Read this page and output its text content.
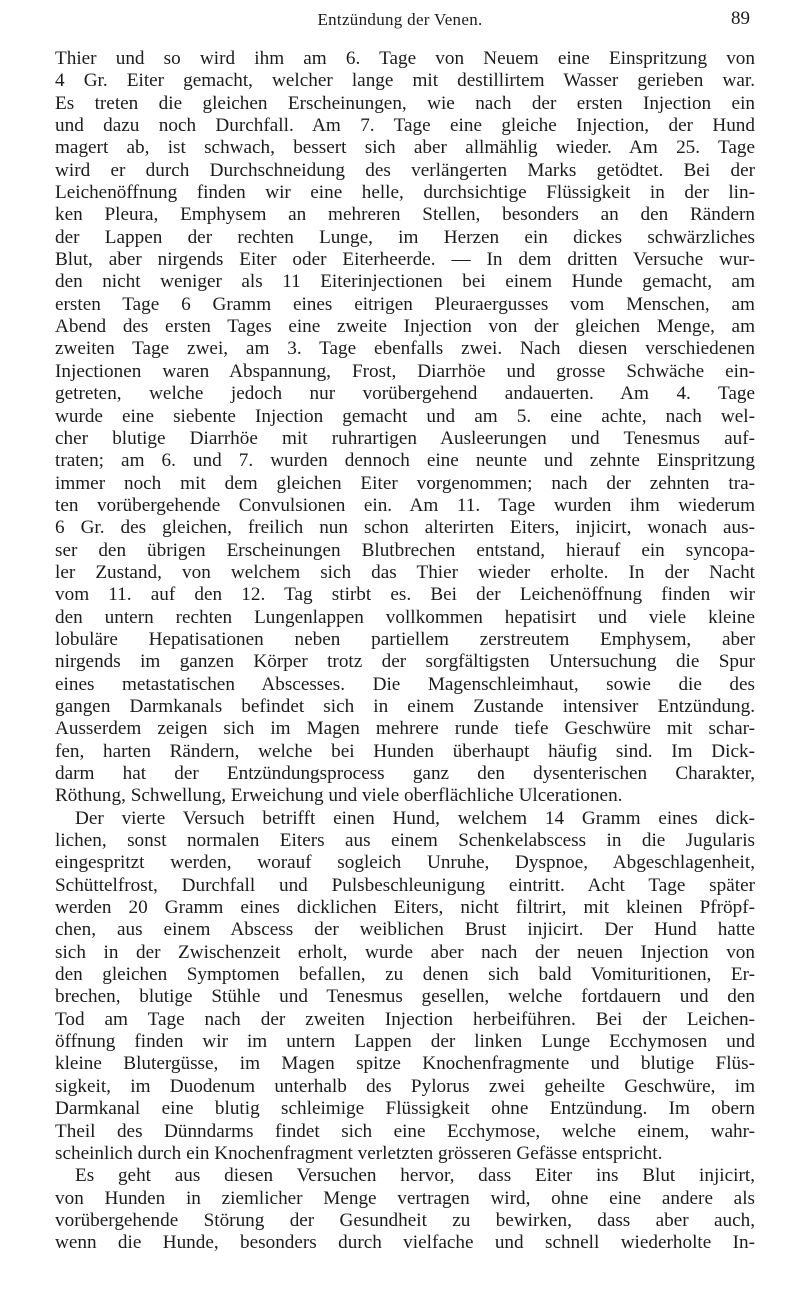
Entzündung der Venen.	89
Thier und so wird ihm am 6. Tage von Neuem eine Einspritzung von
4 Gr. Eiter gemacht, welcher lange mit destillirtem Wasser gerieben war.
Es treten die gleichen Erscheinungen, wie nach der ersten Injection ein
und dazu noch Durchfall. Am 7. Tage eine gleiche Injection, der Hund
magert ab, ist schwach, bessert sich aber allmählig wieder. Am 25. Tage
wird er durch Durchschneidung des verlängerten Marks getödtet. Bei der
Leichenöffnung finden wir eine helle, durchsichtige Flüssigkeit in der lin-
ken Pleura, Emphysem an mehreren Stellen, besonders an den Rändern
der Lappen der rechten Lunge, im Herzen ein dickes schwärzliches
Blut, aber nirgends Eiter oder Eiterheerde. — In dem dritten Versuche wur-
den nicht weniger als 11 Eiterinjectionen bei einem Hunde gemacht, am
ersten Tage 6 Gramm eines eitrigen Pleuraergusses vom Menschen, am
Abend des ersten Tages eine zweite Injection von der gleichen Menge, am
zweiten Tage zwei, am 3. Tage ebenfalls zwei. Nach diesen verschiedenen
Injectionen waren Abspannung, Frost, Diarrhöe und grosse Schwäche ein-
getreten, welche jedoch nur vorübergehend andauerten. Am 4. Tage
wurde eine siebente Injection gemacht und am 5. eine achte, nach wel-
cher blutige Diarrhöe mit ruhrartigen Ausleerungen und Tenesmus auf-
traten; am 6. und 7. wurden dennoch eine neunte und zehnte Einspritzung
immer noch mit dem gleichen Eiter vorgenommen; nach der zehnten tra-
ten vorübergehende Convulsionen ein. Am 11. Tage wurden ihm wiederum
6 Gr. des gleichen, freilich nun schon alterirten Eiters, injicirt, wonach aus-
ser den übrigen Erscheinungen Blutbrechen entstand, hierauf ein syncopa-
ler Zustand, von welchem sich das Thier wieder erholte. In der Nacht
vom 11. auf den 12. Tag stirbt es. Bei der Leichenöffnung finden wir
den untern rechten Lungenlappen vollkommen hepatisirt und viele kleine
lobuläre Hepatisationen neben partiellem zerstreutem Emphysem, aber
nirgends im ganzen Körper trotz der sorgfältigsten Untersuchung die Spur
eines metastatischen Abscesses. Die Magenschleimhaut, sowie die des
gangen Darmkanals befindet sich in einem Zustande intensiver Entzündung.
Ausserdem zeigen sich im Magen mehrere runde tiefe Geschwüre mit schar-
fen, harten Rändern, welche bei Hunden überhaupt häufig sind. Im Dick-
darm hat der Entzündungsprocess ganz den dysenterischen Charakter,
Röthung, Schwellung, Erweichung und viele oberflächliche Ulcerationen.
Der vierte Versuch betrifft einen Hund, welchem 14 Gramm eines dick-
lichen, sonst normalen Eiters aus einem Schenkelabscess in die Jugularis
eingespritzt werden, worauf sogleich Unruhe, Dyspnoe, Abgeschlagenheit,
Schüttelfrost, Durchfall und Pulsbeschleunigung eintritt. Acht Tage später
werden 20 Gramm eines dicklichen Eiters, nicht filtrirt, mit kleinen Pfröpf-
chen, aus einem Abscess der weiblichen Brust injicirt. Der Hund hatte
sich in der Zwischenzeit erholt, wurde aber nach der neuen Injection von
den gleichen Symptomen befallen, zu denen sich bald Vomituritionen, Er-
brechen, blutige Stühle und Tenesmus gesellen, welche fortdauern und den
Tod am Tage nach der zweiten Injection herbeiführen. Bei der Leichen-
öffnung finden wir im untern Lappen der linken Lunge Ecchymosen und
kleine Blutergüsse, im Magen spitze Knochenfragmente und blutige Flüs-
sigkeit, im Duodenum unterhalb des Pylorus zwei geheilte Geschwüre, im
Darmkanal eine blutig schleimige Flüssigkeit ohne Entzündung. Im obern
Theil des Dünndarms findet sich eine Ecchymose, welche einem, wahr-
scheinlich durch ein Knochenfragment verletzten grösseren Gefässe entspricht.
Es geht aus diesen Versuchen hervor, dass Eiter ins Blut injicirt,
von Hunden in ziemlicher Menge vertragen wird, ohne eine andere als
vorübergehende Störung der Gesundheit zu bewirken, dass aber auch,
wenn die Hunde, besonders durch vielfache und schnell wiederholte In-
